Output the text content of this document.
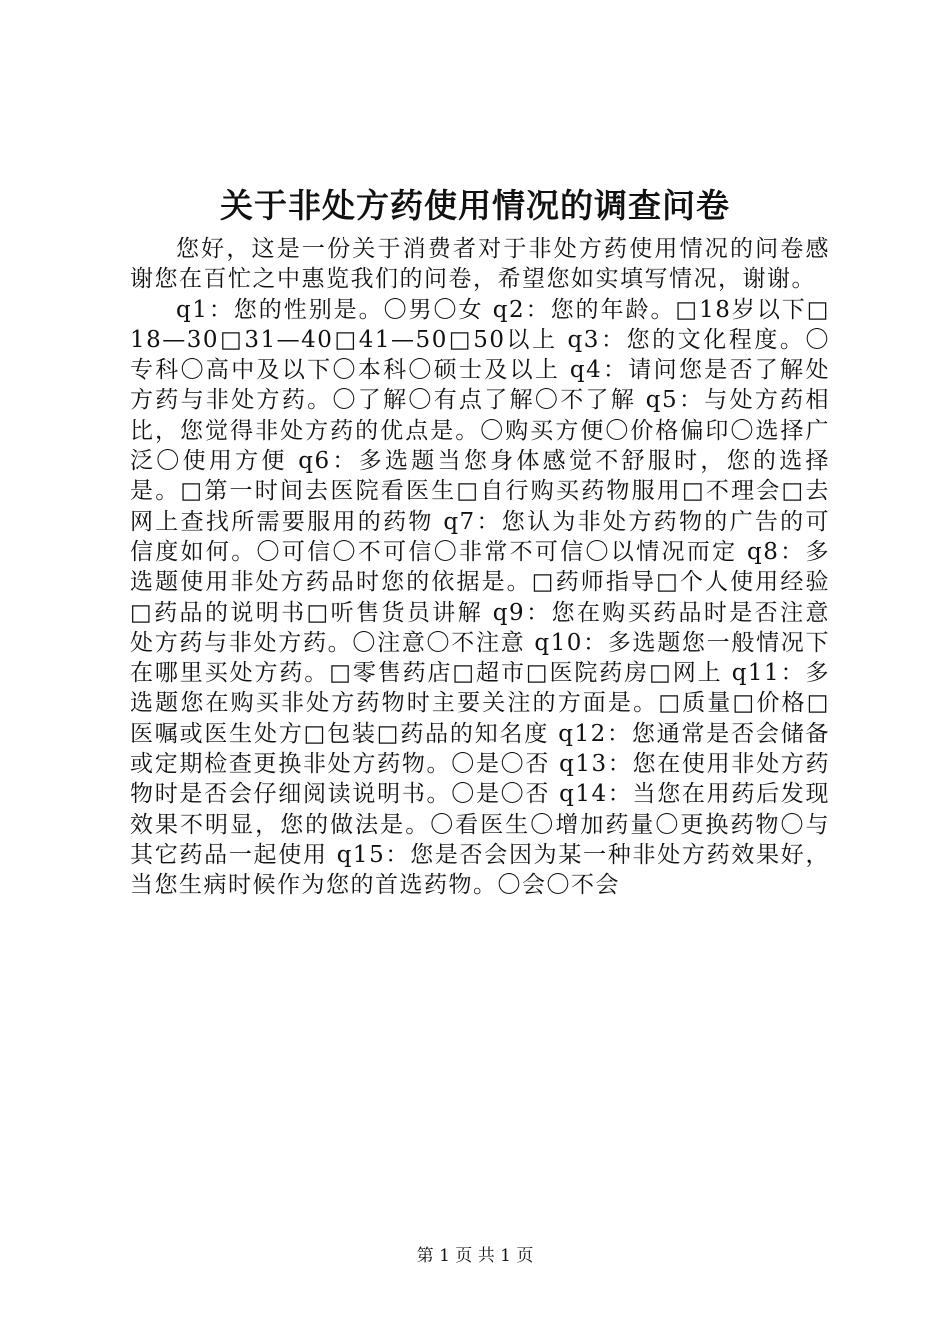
关于非处方药使用情况的调查问卷

您好，这是一份关于消费者对于非处方药使用情况的问卷感谢您在百忙之中惠览我们的问卷，希望您如实填写情况，谢谢。

q1：您的性别是。〇男〇女 q2：您的年龄。□18岁以下□18—30□31—40□41—50□50以上 q3：您的文化程度。〇专科〇高中及以下〇本科〇硕士及以上 q4：请问您是否了解处方药与非处方药。〇了解〇有点了解〇不了解 q5：与处方药相比，您觉得非处方药的优点是。〇购买方便〇价格偏印〇选择广泛〇使用方便 q6：多选题当您身体感觉不舒服时，您的选择是。□第一时间去医院看医生□自行购买药物服用□不理会□去网上查找所需要服用的药物 q7：您认为非处方药物的广告的可信度如何。〇可信〇不可信〇非常不可信〇以情况而定 q8：多选题使用非处方药品时您的依据是。□药师指导□个人使用经验□药品的说明书□听售货员讲解 q9：您在购买药品时是否注意处方药与非处方药。〇注意〇不注意 q10：多选题您一般情况下在哪里买处方药。□零售药店□超市□医院药房□网上 q11：多选题您在购买非处方药物时主要关注的方面是。□质量□价格□医嘱或医生处方□包装□药品的知名度 q12：您通常是否会储备或定期检查更换非处方药物。〇是〇否 q13：您在使用非处方药物时是否会仔细阅读说明书。〇是〇否 q14：当您在用药后发现效果不明显，您的做法是。〇看医生〇增加药量〇更换药物〇与其它药品一起使用 q15：您是否会因为某一种非处方药效果好，当您生病时候作为您的首选药物。〇会〇不会

第 1 页 共 1 页
